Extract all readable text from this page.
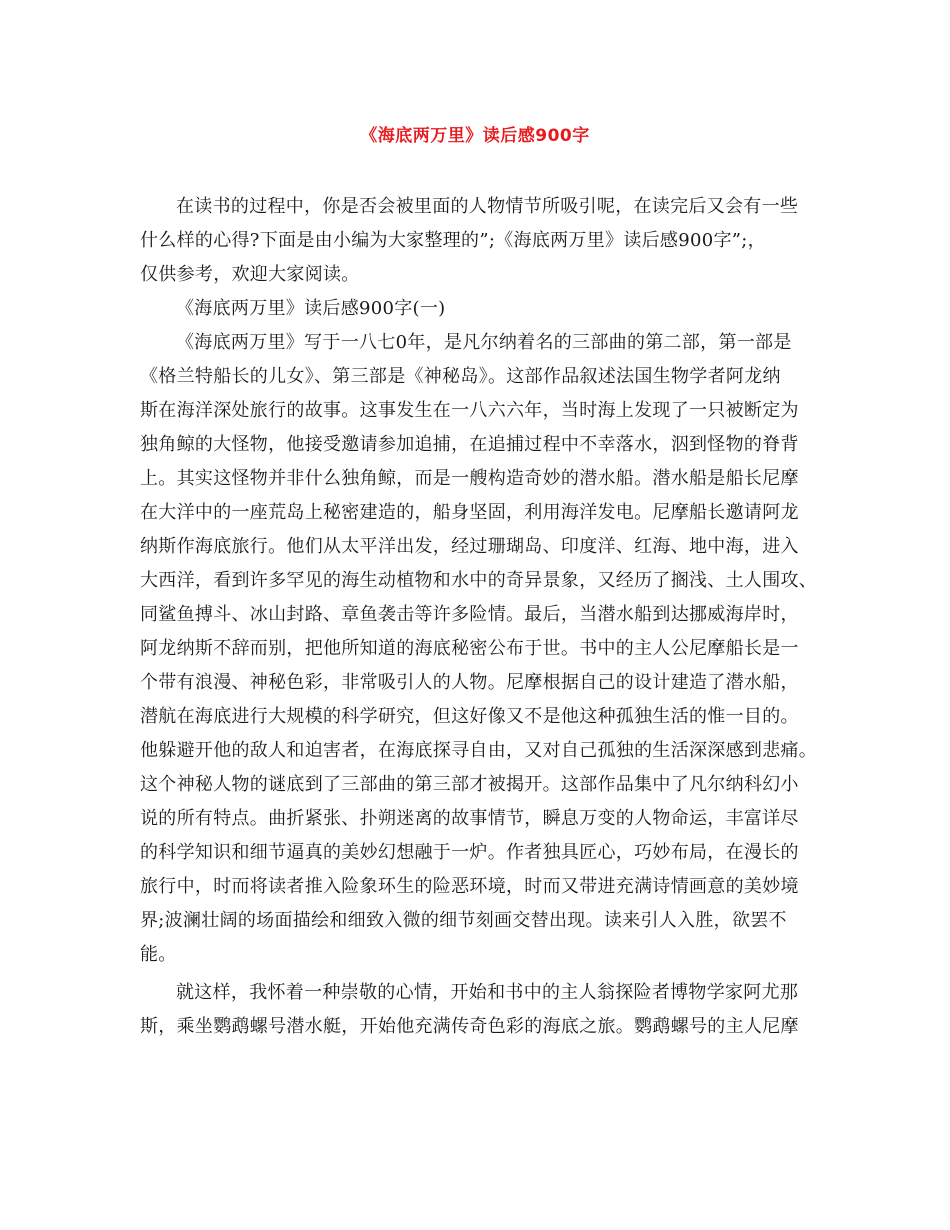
《海底两万里》读后感900字
在读书的过程中，你是否会被里面的人物情节所吸引呢，在读完后又会有一些
什么样的心得?下面是由小编为大家整理的”;《海底两万里》读后感900字”;，
仅供参考，欢迎大家阅读。
《海底两万里》读后感900字(一)
《海底两万里》写于一八七0年，是凡尔纳着名的三部曲的第二部，第一部是
《格兰特船长的儿女》、第三部是《神秘岛》。这部作品叙述法国生物学者阿龙纳
斯在海洋深处旅行的故事。这事发生在一八六六年，当时海上发现了一只被断定为
独角鲸的大怪物，他接受邀请参加追捕，在追捕过程中不幸落水，泅到怪物的脊背
上。其实这怪物并非什么独角鲸，而是一艘构造奇妙的潜水船。潜水船是船长尼摩
在大洋中的一座荒岛上秘密建造的，船身坚固，利用海洋发电。尼摩船长邀请阿龙
纳斯作海底旅行。他们从太平洋出发，经过珊瑚岛、印度洋、红海、地中海，进入
大西洋，看到许多罕见的海生动植物和水中的奇异景象，又经历了搁浅、土人围攻、
同鲨鱼搏斗、冰山封路、章鱼袭击等许多险情。最后，当潜水船到达挪威海岸时，
阿龙纳斯不辞而别，把他所知道的海底秘密公布于世。书中的主人公尼摩船长是一
个带有浪漫、神秘色彩，非常吸引人的人物。尼摩根据自己的设计建造了潜水船，
潜航在海底进行大规模的科学研究，但这好像又不是他这种孤独生活的惟一目的。
他躲避开他的敌人和迫害者，在海底探寻自由，又对自己孤独的生活深深感到悲痛。
这个神秘人物的谜底到了三部曲的第三部才被揭开。这部作品集中了凡尔纳科幻小
说的所有特点。曲折紧张、扑朔迷离的故事情节，瞬息万变的人物命运，丰富详尽
的科学知识和细节逼真的美妙幻想融于一炉。作者独具匠心，巧妙布局，在漫长的
旅行中，时而将读者推入险象环生的险恶环境，时而又带进充满诗情画意的美妙境
界;波澜壮阔的场面描绘和细致入微的细节刻画交替出现。读来引人入胜，欲罢不
能。
就这样，我怀着一种崇敬的心情，开始和书中的主人翁探险者博物学家阿尤那
斯，乘坐鹦鹉螺号潜水艇，开始他充满传奇色彩的海底之旅。鹦鹉螺号的主人尼摩
